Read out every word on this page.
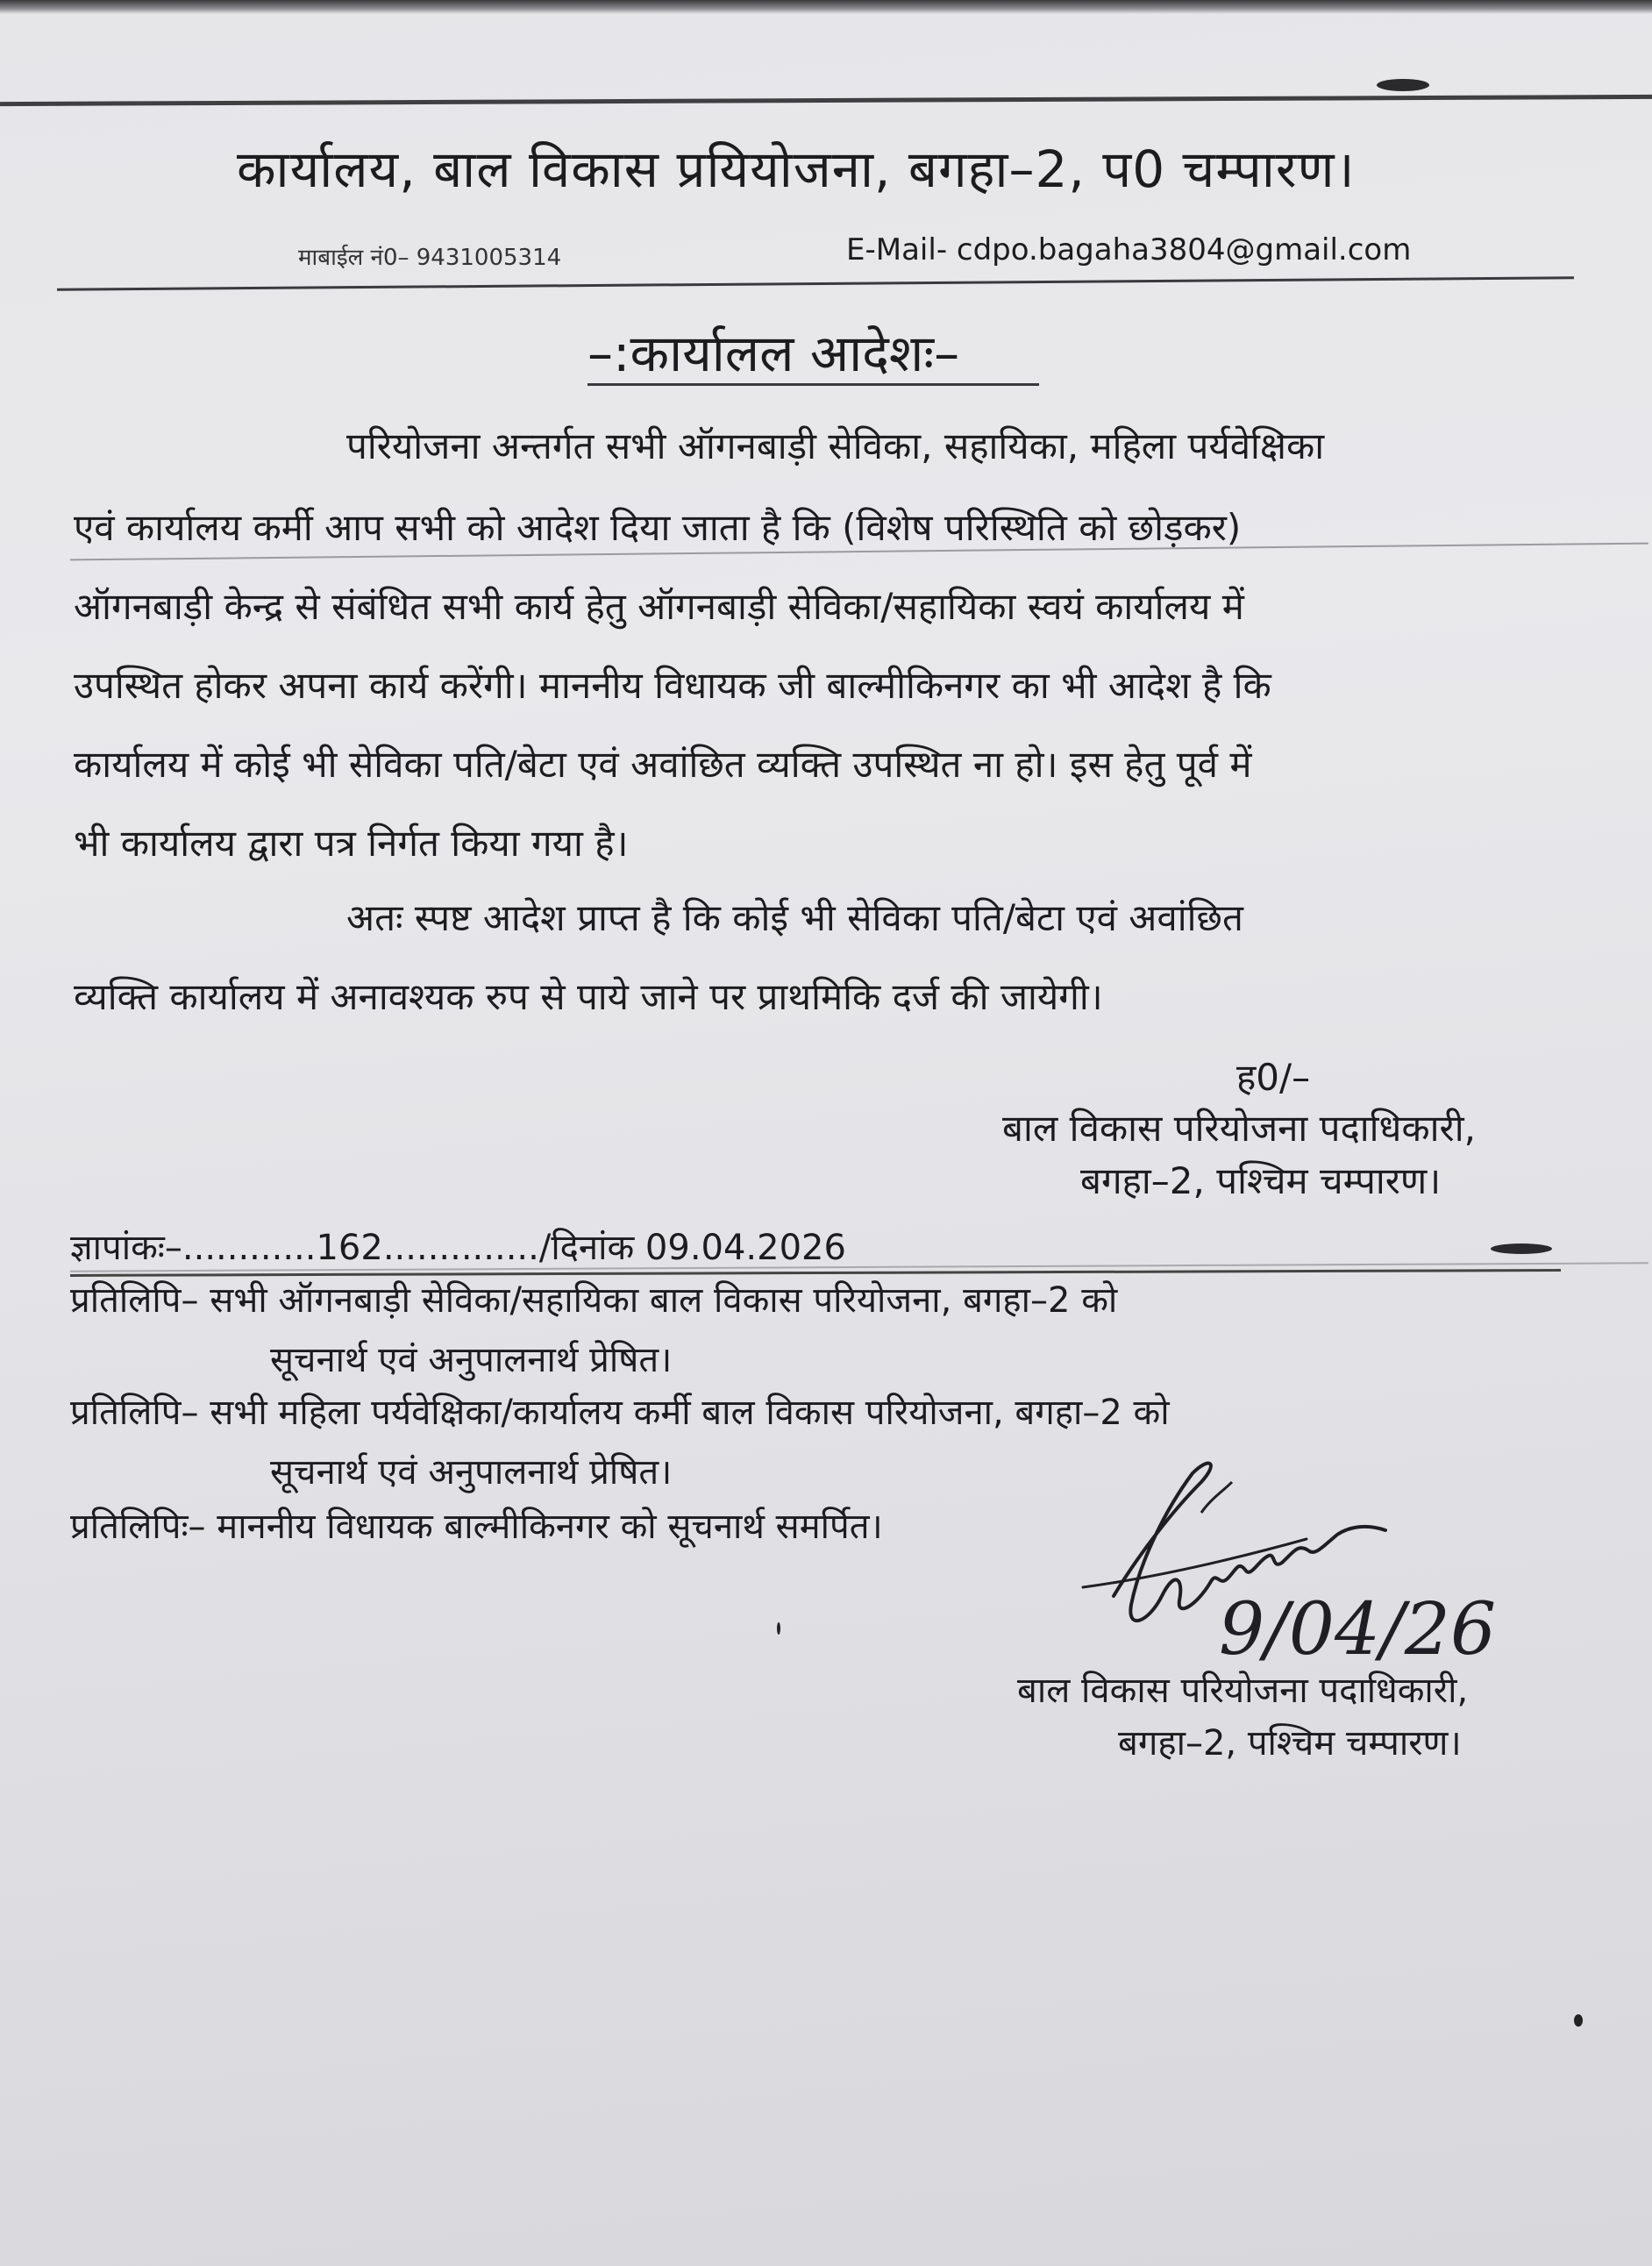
कार्यालय, बाल विकास प्रयियोजना, बगहा–2, प0 चम्पारण।
माबाईल नं0– 9431005314	E-Mail- cdpo.bagaha3804@gmail.com
–:कार्यालल आदेशः–
परियोजना अन्तर्गत सभी ऑगनबाड़ी सेविका, सहायिका, महिला पर्यवेक्षिका
एवं कार्यालय कर्मी आप सभी को आदेश दिया जाता है कि (विशेष परिस्थिति को छोड़कर)
ऑगनबाड़ी केन्द्र से संबंधित सभी कार्य हेतु ऑगनबाड़ी सेविका/सहायिका स्वयं कार्यालय में
उपस्थित होकर अपना कार्य करेंगी। माननीय विधायक जी बाल्मीकिनगर का भी आदेश है कि
कार्यालय में कोई भी सेविका पति/बेटा एवं अवांछित व्यक्ति उपस्थित ना हो। इस हेतु पूर्व में
भी कार्यालय द्वारा पत्र निर्गत किया गया है।
अतः स्पष्ट आदेश प्राप्त है कि कोई भी सेविका पति/बेटा एवं अवांछित
व्यक्ति कार्यालय में अनावश्यक रुप से पाये जाने पर प्राथमिकि दर्ज की जायेगी।
ह0/–
बाल विकास परियोजना पदाधिकारी,
बगहा–2, पश्चिम चम्पारण।
ज्ञापांकः–............162............../दिनांक 09.04.2026
प्रतिलिपि– सभी ऑगनबाड़ी सेविका/सहायिका बाल विकास परियोजना, बगहा–2 को
सूचनार्थ एवं अनुपालनार्थ प्रेषित।
प्रतिलिपि– सभी महिला पर्यवेक्षिका/कार्यालय कर्मी बाल विकास परियोजना, बगहा–2 को
सूचनार्थ एवं अनुपालनार्थ प्रेषित।
प्रतिलिपिः– माननीय विधायक बाल्मीकिनगर को सूचनार्थ समर्पित।
9/04/26
बाल विकास परियोजना पदाधिकारी,
बगहा–2, पश्चिम चम्पारण।
